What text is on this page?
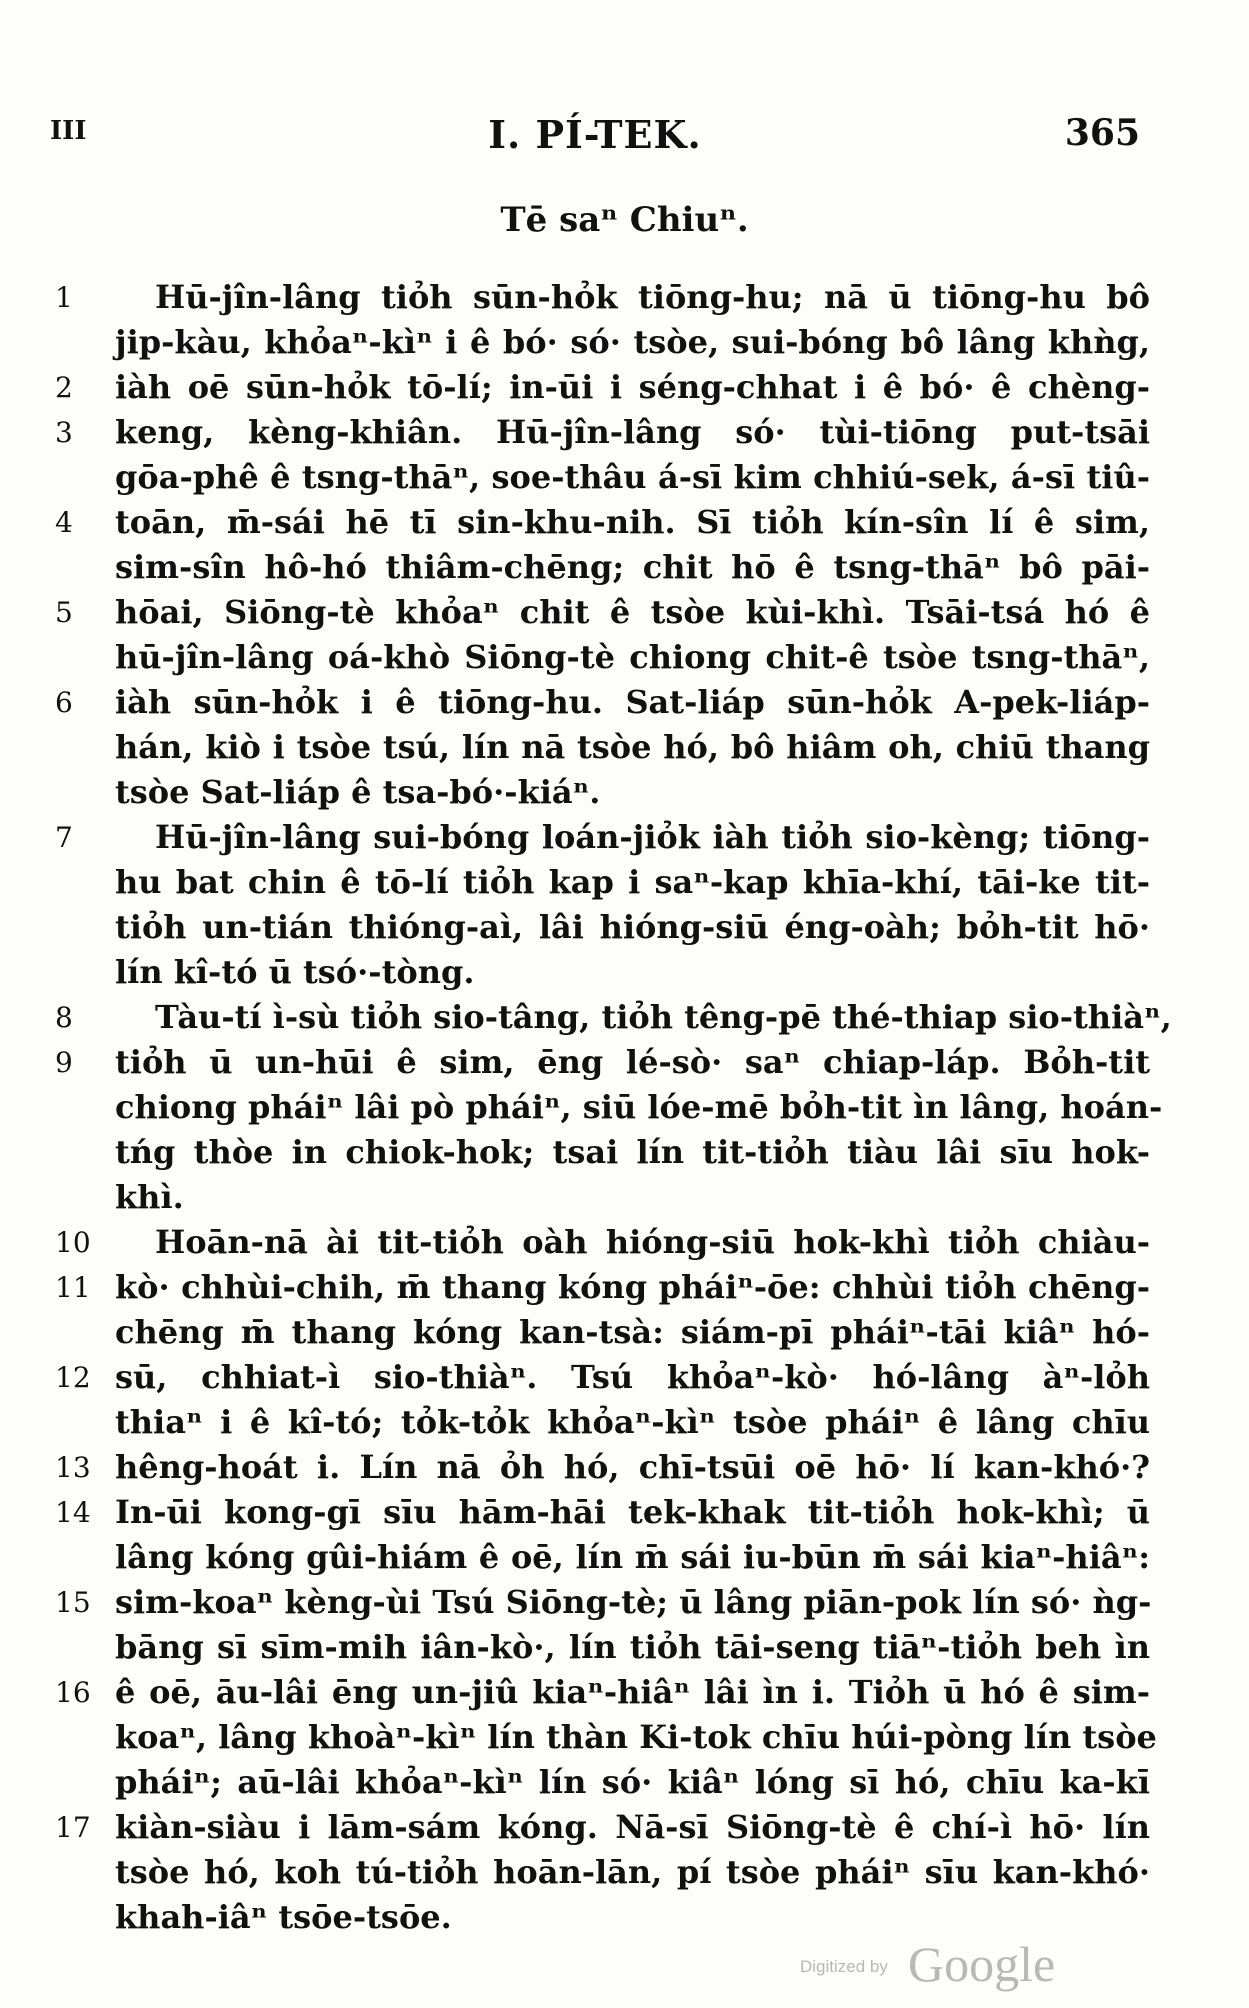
III	I. PÍ-TEK.	365
Tē saⁿ Chiuⁿ.
1	Hū-jîn-lâng tiỏh sūn-hỏk tiōng-hu; nā ū tiōng-hu bô
jip-kàu, khỏaⁿ-kìⁿ i ê bó· só· tsòe, sui-bóng bô lâng khǹg,
2	iàh oē sūn-hỏk tō-lí; in-ūi i séng-chhat i ê bó· ê chèng-
3	keng, kèng-khiân. Hū-jîn-lâng só· tùi-tiōng put-tsāi
gōa-phê ê tsng-thāⁿ, soe-thâu á-sī kim chhiú-sek, á-sī tiû-
4	toān, m̄-sái hē tī sin-khu-nih. Sī tiỏh kín-sîn lí ê sim,
sim-sîn hô-hó thiâm-chēng; chit hō ê tsng-thāⁿ bô pāi-
5	hōai, Siōng-tè khỏaⁿ chit ê tsòe kùi-khì. Tsāi-tsá hó ê
hū-jîn-lâng oá-khò Siōng-tè chiong chit-ê tsòe tsng-thāⁿ,
6	iàh sūn-hỏk i ê tiōng-hu. Sat-liáp sūn-hỏk A-pek-liáp-
hán, kiò i tsòe tsú, lín nā tsòe hó, bô hiâm oh, chiū thang
tsòe Sat-liáp ê tsa-bó·-kiáⁿ.
7	Hū-jîn-lâng sui-bóng loán-jiỏk iàh tiỏh sio-kèng; tiōng-
hu bat chin ê tō-lí tiỏh kap i saⁿ-kap khīa-khí, tāi-ke tit-
tiỏh un-tián thióng-aì, lâi hióng-siū éng-oàh; bỏh-tit hō·
lín kî-tó ū tsó·-tòng.
8	Tàu-tí ì-sù tiỏh sio-tâng, tiỏh têng-pē thé-thiap sio-thiàⁿ,
9	tiỏh ū un-hūi ê sim, ēng lé-sò· saⁿ chiap-láp. Bỏh-tit
chiong pháiⁿ lâi pò pháiⁿ, siū lóe-mē bỏh-tit ìn lâng, hoán-
tńg thòe in chiok-hok; tsai lín tit-tiỏh tiàu lâi sīu hok-
khì.
10 Hoān-nā ài tit-tiỏh oàh hióng-siū hok-khì tiỏh chiàu-
11 kò· chhùi-chih, m̄ thang kóng pháiⁿ-ōe: chhùi tiỏh chēng-
chēng m̄ thang kóng kan-tsà: siám-pī pháiⁿ-tāi kiâⁿ hó-
12 sū, chhiat-ì sio-thiàⁿ. Tsú khỏaⁿ-kò· hó-lâng àⁿ-lỏh
thiaⁿ i ê kî-tó; tỏk-tỏk khỏaⁿ-kìⁿ tsòe pháiⁿ ê lâng chīu
13 hêng-hoát i. Lín nā ỏh hó, chī-tsūi oē hō· lí kan-khó·?
14 In-ūi kong-gī sīu hām-hāi tek-khak tit-tiỏh hok-khì; ū
lâng kóng gûi-hiám ê oē, lín m̄ sái iu-būn m̄ sái kiaⁿ-hiâⁿ:
15 sim-koaⁿ kèng-ùi Tsú Siōng-tè; ū lâng piān-pok lín só· ǹg-
bāng sī sīm-mih iân-kò·, lín tiỏh tāi-seng tiāⁿ-tiỏh beh ìn
16 ê oē, āu-lâi ēng un-jiû kiaⁿ-hiâⁿ lâi ìn i. Tiỏh ū hó ê sim-
koaⁿ, lâng khoàⁿ-kìⁿ lín thàn Ki-tok chīu húi-pòng lín tsòe
pháiⁿ; aū-lâi khỏaⁿ-kìⁿ lín só· kiâⁿ lóng sī hó, chīu ka-kī
17 kiàn-siàu i lām-sám kóng. Nā-sī Siōng-tè ê chí-ì hō· lín
tsòe hó, koh tú-tiỏh hoān-lān, pí tsòe pháiⁿ sīu kan-khó·
khah-iâⁿ tsōe-tsōe.
Digitized by Google
